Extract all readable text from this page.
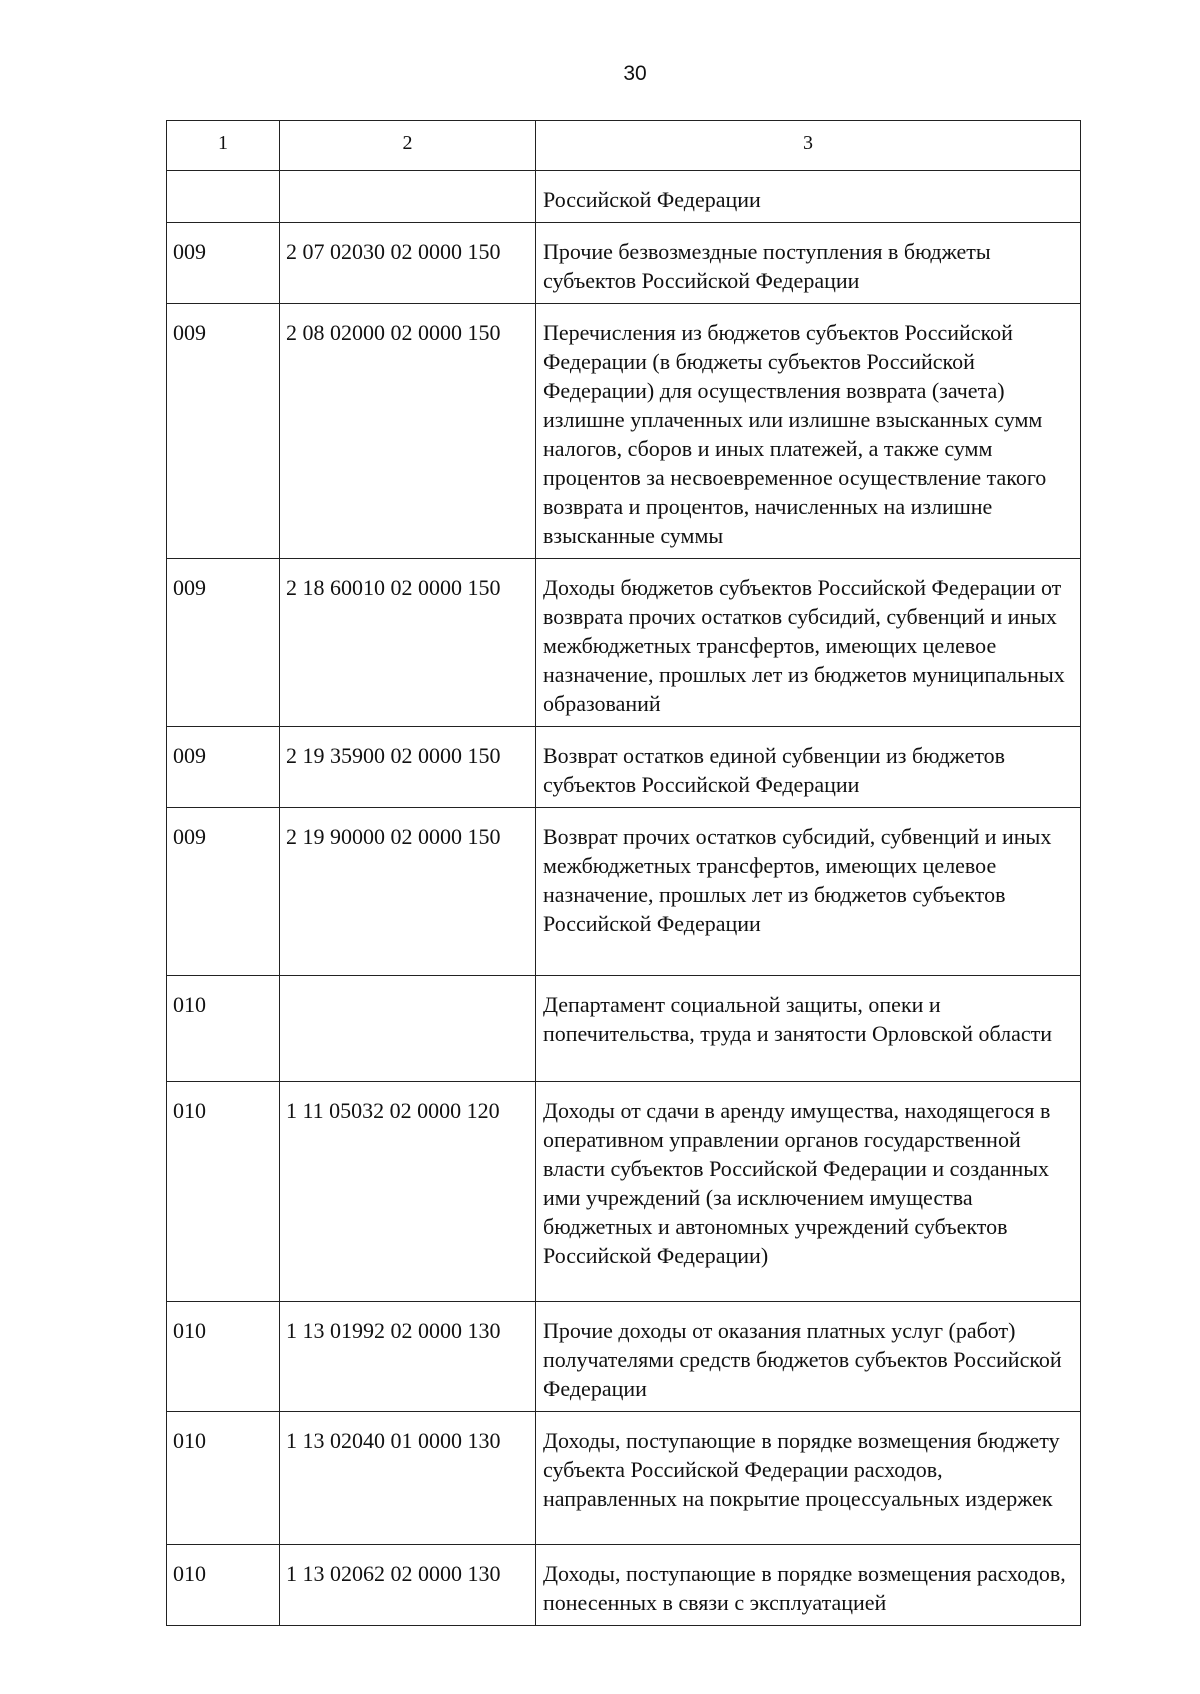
30
1	2	3
		Российской Федерации
009	2 07 02030 02 0000 150	Прочие безвозмездные поступления в бюджеты субъектов Российской Федерации
009	2 08 02000 02 0000 150	Перечисления из бюджетов субъектов Российской Федерации (в бюджеты субъектов Российской Федерации) для осуществления возврата (зачета) излишне уплаченных или излишне взысканных сумм налогов, сборов и иных платежей, а также сумм процентов за несвоевременное осуществление такого возврата и процентов, начисленных на излишне взысканные суммы
009	2 18 60010 02 0000 150	Доходы бюджетов субъектов Российской Федерации от возврата прочих остатков субсидий, субвенций и иных межбюджетных трансфертов, имеющих целевое назначение, прошлых лет из бюджетов муниципальных образований
009	2 19 35900 02 0000 150	Возврат остатков единой субвенции из бюджетов субъектов Российской Федерации
009	2 19 90000 02 0000 150	Возврат прочих остатков субсидий, субвенций и иных межбюджетных трансфертов, имеющих целевое назначение, прошлых лет из бюджетов субъектов Российской Федерации
010		Департамент социальной защиты, опеки и попечительства, труда и занятости Орловской области
010	1 11 05032 02 0000 120	Доходы от сдачи в аренду имущества, находящегося в оперативном управлении органов государственной власти субъектов Российской Федерации и созданных ими учреждений (за исключением имущества бюджетных и автономных учреждений субъектов Российской Федерации)
010	1 13 01992 02 0000 130	Прочие доходы от оказания платных услуг (работ) получателями средств бюджетов субъектов Российской Федерации
010	1 13 02040 01 0000 130	Доходы, поступающие в порядке возмещения бюджету субъекта Российской Федерации расходов, направленных на покрытие процессуальных издержек
010	1 13 02062 02 0000 130	Доходы, поступающие в порядке возмещения расходов, понесенных в связи с эксплуатацией
